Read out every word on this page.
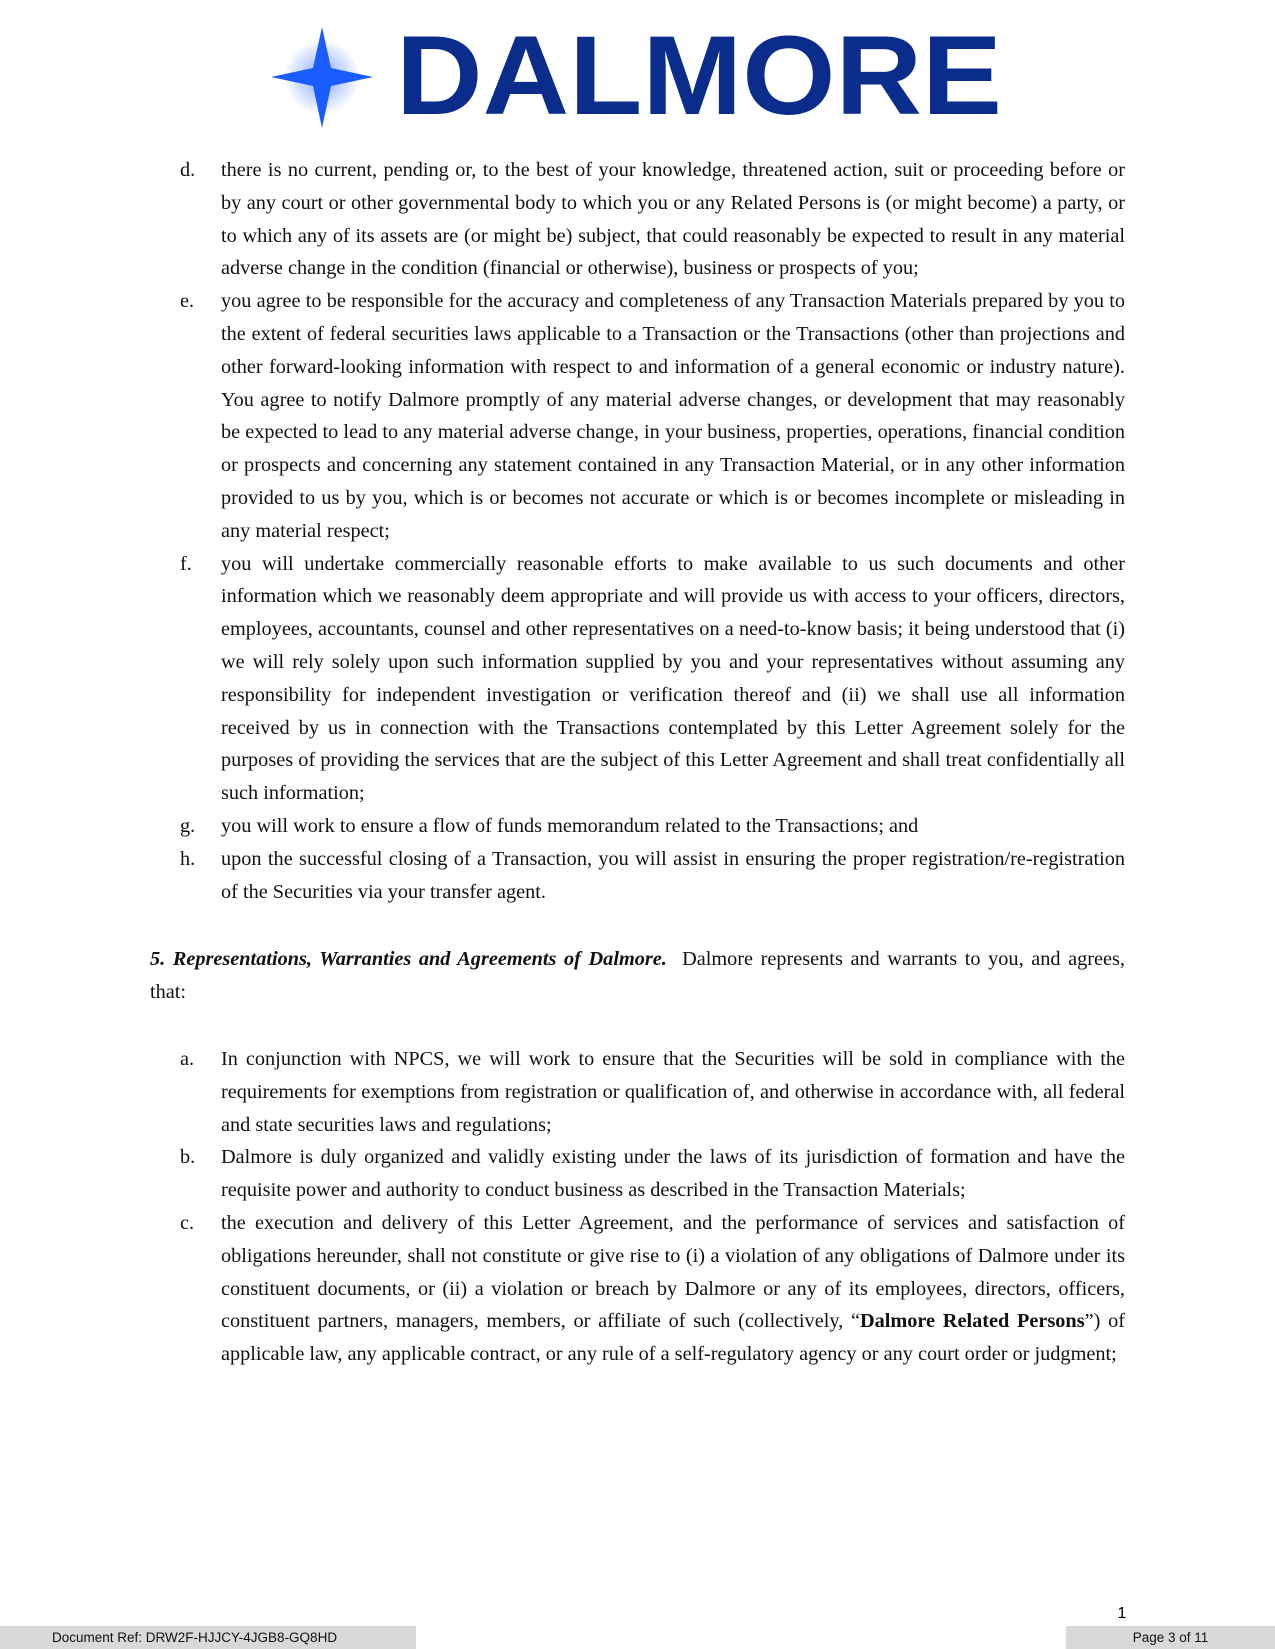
DALMORE
d. there is no current, pending or, to the best of your knowledge, threatened action, suit or proceeding before or by any court or other governmental body to which you or any Related Persons is (or might become) a party, or to which any of its assets are (or might be) subject, that could reasonably be expected to result in any material adverse change in the condition (financial or otherwise), business or prospects of you;
e. you agree to be responsible for the accuracy and completeness of any Transaction Materials prepared by you to the extent of federal securities laws applicable to a Transaction or the Transactions (other than projections and other forward-looking information with respect to and information of a general economic or industry nature). You agree to notify Dalmore promptly of any material adverse changes, or development that may reasonably be expected to lead to any material adverse change, in your business, properties, operations, financial condition or prospects and concerning any statement contained in any Transaction Material, or in any other information provided to us by you, which is or becomes not accurate or which is or becomes incomplete or misleading in any material respect;
f. you will undertake commercially reasonable efforts to make available to us such documents and other information which we reasonably deem appropriate and will provide us with access to your officers, directors, employees, accountants, counsel and other representatives on a need-to-know basis; it being understood that (i) we will rely solely upon such information supplied by you and your representatives without assuming any responsibility for independent investigation or verification thereof and (ii) we shall use all information received by us in connection with the Transactions contemplated by this Letter Agreement solely for the purposes of providing the services that are the subject of this Letter Agreement and shall treat confidentially all such information;
g. you will work to ensure a flow of funds memorandum related to the Transactions; and
h. upon the successful closing of a Transaction, you will assist in ensuring the proper registration/re-registration of the Securities via your transfer agent.
5. Representations, Warranties and Agreements of Dalmore. Dalmore represents and warrants to you, and agrees, that:
a. In conjunction with NPCS, we will work to ensure that the Securities will be sold in compliance with the requirements for exemptions from registration or qualification of, and otherwise in accordance with, all federal and state securities laws and regulations;
b. Dalmore is duly organized and validly existing under the laws of its jurisdiction of formation and have the requisite power and authority to conduct business as described in the Transaction Materials;
c. the execution and delivery of this Letter Agreement, and the performance of services and satisfaction of obligations hereunder, shall not constitute or give rise to (i) a violation of any obligations of Dalmore under its constituent documents, or (ii) a violation or breach by Dalmore or any of its employees, directors, officers, constituent partners, managers, members, or affiliate of such (collectively, “Dalmore Related Persons”) of applicable law, any applicable contract, or any rule of a self-regulatory agency or any court order or judgment;
1
Document Ref: DRW2F-HJJCY-4JGB8-GQ8HD	Page 3 of 11
